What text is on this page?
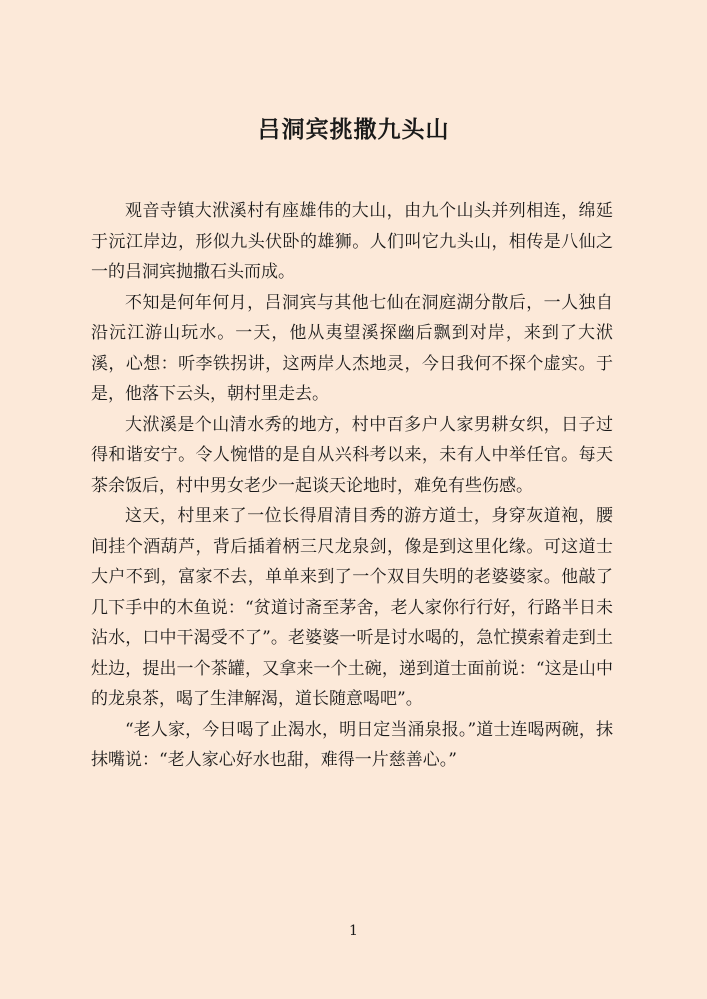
吕洞宾挑撒九头山

观音寺镇大洑溪村有座雄伟的大山，由九个山头并列相连，绵延于沅江岸边，形似九头伏卧的雄狮。人们叫它九头山，相传是八仙之一的吕洞宾抛撒石头而成。

不知是何年何月，吕洞宾与其他七仙在洞庭湖分散后，一人独自沿沅江游山玩水。一天，他从夷望溪探幽后飘到对岸，来到了大洑溪，心想：听李铁拐讲，这两岸人杰地灵，今日我何不探个虚实。于是，他落下云头，朝村里走去。

大洑溪是个山清水秀的地方，村中百多户人家男耕女织，日子过得和谐安宁。令人惋惜的是自从兴科考以来，未有人中举任官。每天茶余饭后，村中男女老少一起谈天论地时，难免有些伤感。

这天，村里来了一位长得眉清目秀的游方道士，身穿灰道袍，腰间挂个酒葫芦，背后插着柄三尺龙泉剑，像是到这里化缘。可这道士大户不到，富家不去，单单来到了一个双目失明的老婆婆家。他敲了几下手中的木鱼说：“贫道讨斋至茅舍，老人家你行行好，行路半日未沾水，口中干渴受不了”。老婆婆一听是讨水喝的，急忙摸索着走到土灶边，提出一个茶罐，又拿来一个土碗，递到道士面前说：“这是山中的龙泉茶，喝了生津解渴，道长随意喝吧”。

“老人家，今日喝了止渴水，明日定当涌泉报。”道士连喝两碗，抹抹嘴说：“老人家心好水也甜，难得一片慈善心。”

1
